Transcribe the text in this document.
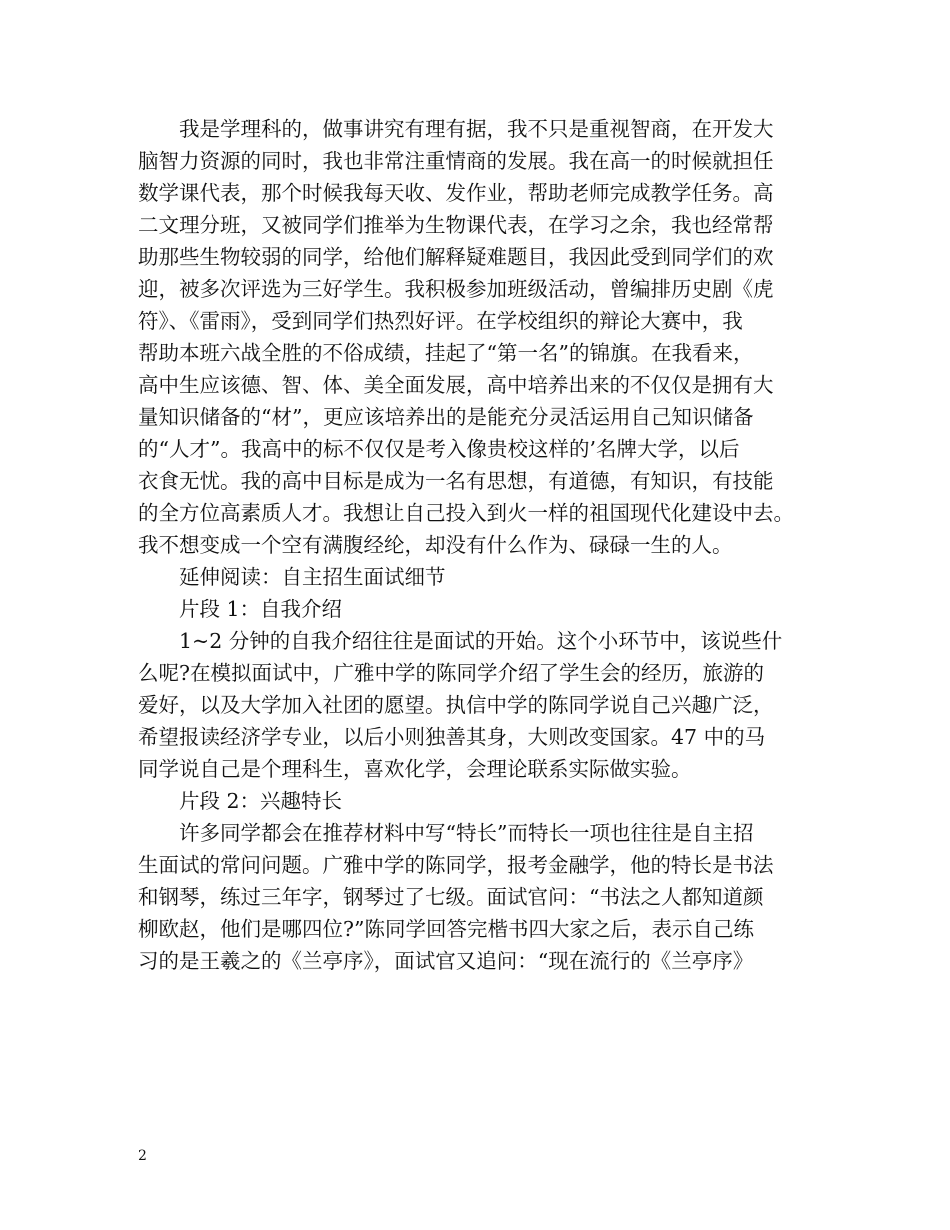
　　我是学理科的，做事讲究有理有据，我不只是重视智商，在开发大
脑智力资源的同时，我也非常注重情商的发展。我在高一的时候就担任
数学课代表，那个时候我每天收、发作业，帮助老师完成教学任务。高
二文理分班，又被同学们推举为生物课代表，在学习之余，我也经常帮
助那些生物较弱的同学，给他们解释疑难题目，我因此受到同学们的欢
迎，被多次评选为三好学生。我积极参加班级活动，曾编排历史剧《虎
符》、《雷雨》，受到同学们热烈好评。在学校组织的辩论大赛中，我
帮助本班六战全胜的不俗成绩，挂起了“第一名”的锦旗。在我看来，
高中生应该德、智、体、美全面发展，高中培养出来的不仅仅是拥有大
量知识储备的“材”，更应该培养出的是能充分灵活运用自己知识储备
的“人才”。我高中的标不仅仅是考入像贵校这样的’名牌大学，以后
衣食无忧。我的高中目标是成为一名有思想，有道德，有知识，有技能
的全方位高素质人才。我想让自己投入到火一样的祖国现代化建设中去。
我不想变成一个空有满腹经纶，却没有什么作为、碌碌一生的人。
　　延伸阅读：自主招生面试细节
　　片段 1：自我介绍
　　1~2 分钟的自我介绍往往是面试的开始。这个小环节中，该说些什
么呢?在模拟面试中，广雅中学的陈同学介绍了学生会的经历，旅游的
爱好，以及大学加入社团的愿望。执信中学的陈同学说自己兴趣广泛，
希望报读经济学专业，以后小则独善其身，大则改变国家。47 中的马
同学说自己是个理科生，喜欢化学，会理论联系实际做实验。
　　片段 2：兴趣特长
　　许多同学都会在推荐材料中写“特长”而特长一项也往往是自主招
生面试的常问问题。广雅中学的陈同学，报考金融学，他的特长是书法
和钢琴，练过三年字，钢琴过了七级。面试官问：“书法之人都知道颜
柳欧赵，他们是哪四位?”陈同学回答完楷书四大家之后，表示自己练
习的是王羲之的《兰亭序》，面试官又追问：“现在流行的《兰亭序》
2
